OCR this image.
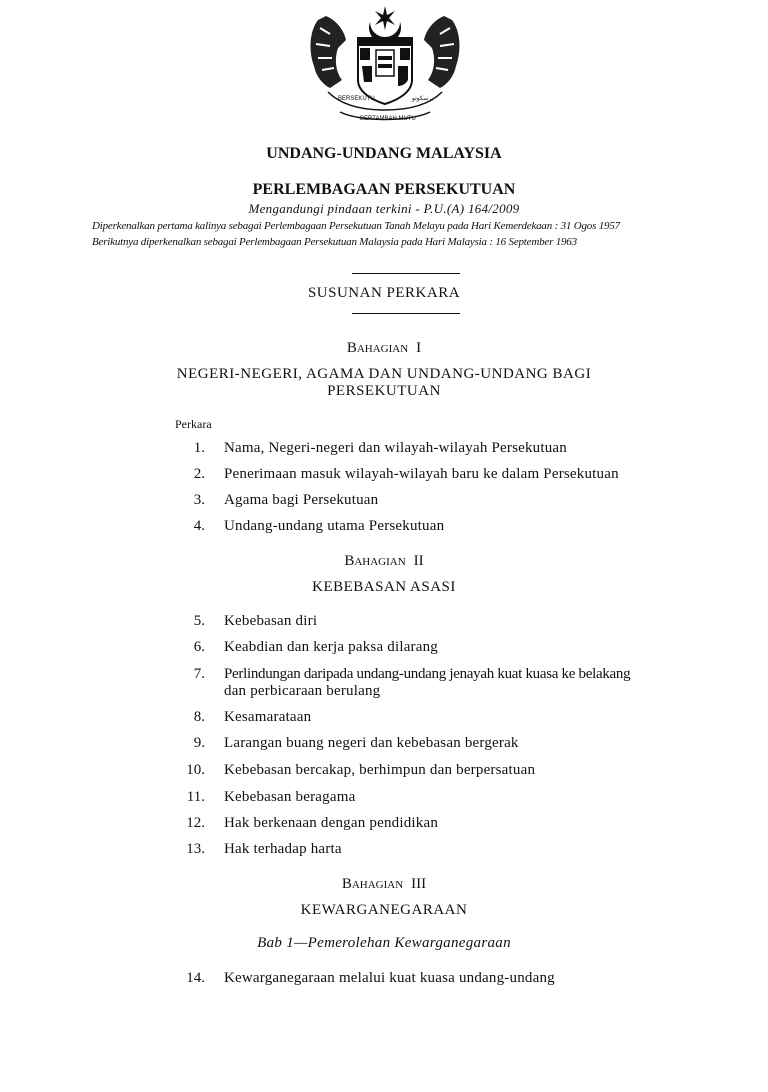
BERSEKUTU	برسکوتو
BERTAMBAH MUTU
UNDANG-UNDANG MALAYSIA
PERLEMBAGAAN PERSEKUTUAN
Mengandungi pindaan terkini - P.U.(A) 164/2009
Diperkenalkan pertama kalinya sebagai Perlembagaan Persekutuan Tanah Melayu pada Hari Kemerdekaan : 31 Ogos 1957
Berikutnya diperkenalkan sebagai Perlembagaan Persekutuan Malaysia pada Hari Malaysia : 16 September 1963
SUSUNAN PERKARA
BAHAGIAN I
NEGERI-NEGERI, AGAMA DAN UNDANG-UNDANG BAGI
PERSEKUTUAN
Perkara
1. Nama, Negeri-negeri dan wilayah-wilayah Persekutuan
2. Penerimaan masuk wilayah-wilayah baru ke dalam Persekutuan
3. Agama bagi Persekutuan
4. Undang-undang utama Persekutuan
BAHAGIAN II
KEBEBASAN ASASI
5. Kebebasan diri
6. Keabdian dan kerja paksa dilarang
7. Perlindungan daripada undang-undang jenayah kuat kuasa ke belakang
dan perbicaraan berulang
8. Kesamarataan
9. Larangan buang negeri dan kebebasan bergerak
10. Kebebasan bercakap, berhimpun dan berpersatuan
11. Kebebasan beragama
12. Hak berkenaan dengan pendidikan
13. Hak terhadap harta
BAHAGIAN III
KEWARGANEGARAAN
Bab 1—Pemerolehan Kewarganegaraan
14. Kewarganegaraan melalui kuat kuasa undang-undang
